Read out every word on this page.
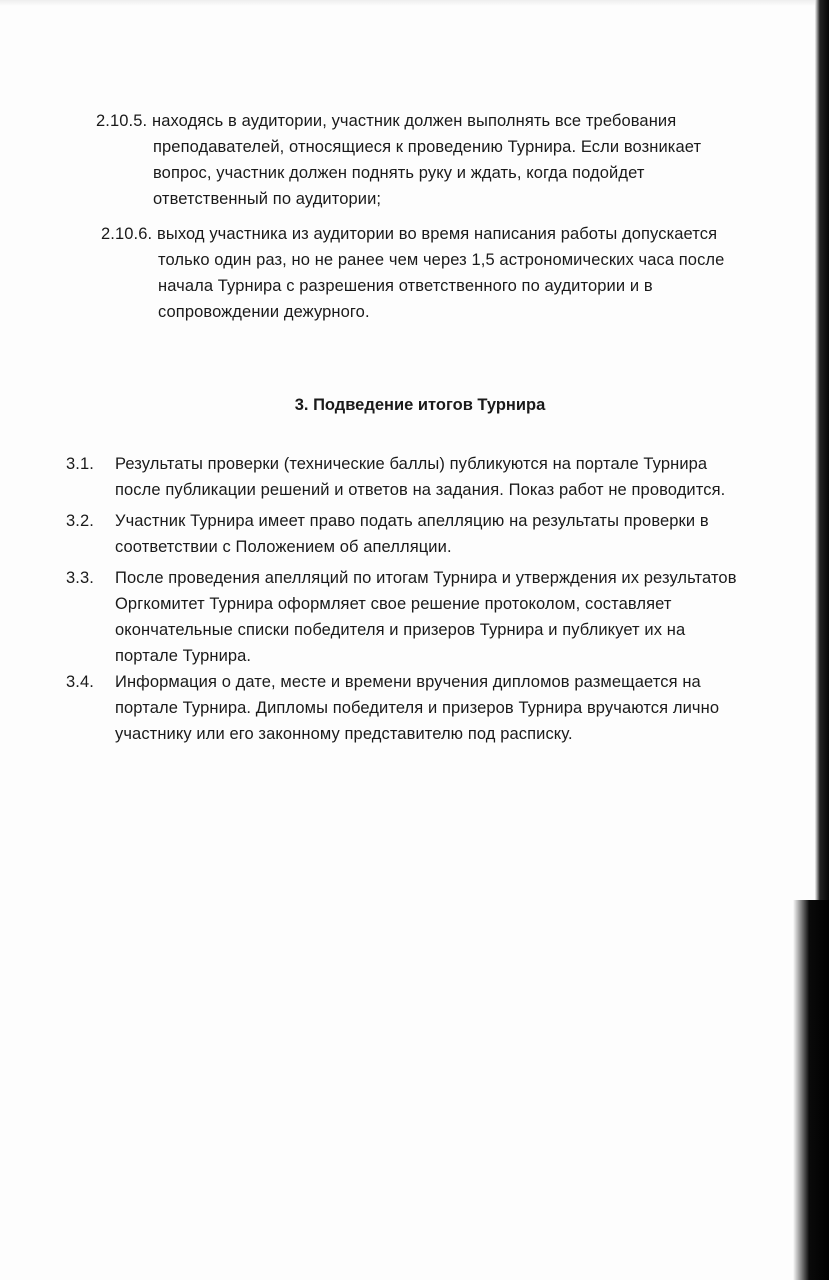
2.10.5. находясь в аудитории, участник должен выполнять все требования
преподавателей, относящиеся к проведению Турнира. Если возникает
вопрос, участник должен поднять руку и ждать, когда подойдет
ответственный по аудитории;
2.10.6. выход участника из аудитории во время написания работы допускается
только один раз, но не ранее чем через 1,5 астрономических часа после
начала Турнира с разрешения ответственного по аудитории и в
сопровождении дежурного.
3. Подведение итогов Турнира
3.1.	Результаты проверки (технические баллы) публикуются на портале Турнира
после публикации решений и ответов на задания. Показ работ не проводится.
3.2.	Участник Турнира имеет право подать апелляцию на результаты проверки в
соответствии с Положением об апелляции.
3.3.	После проведения апелляций по итогам Турнира и утверждения их результатов
Оргкомитет Турнира оформляет свое решение протоколом, составляет
окончательные списки победителя и призеров Турнира и публикует их на
портале Турнира.
3.4.	Информация о дате, месте и времени вручения дипломов размещается на
портале Турнира. Дипломы победителя и призеров Турнира вручаются лично
участнику или его законному представителю под расписку.
